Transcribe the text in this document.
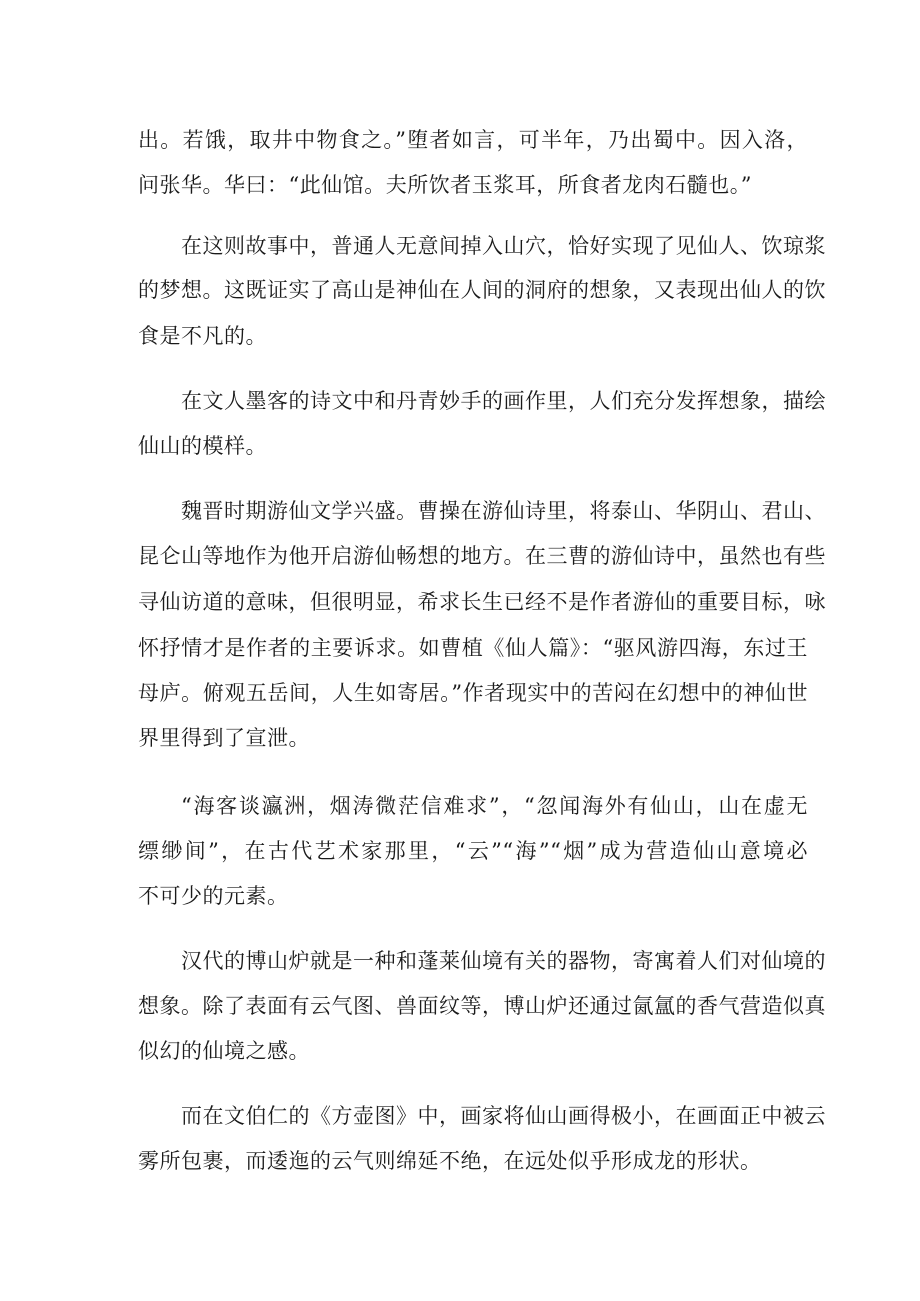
出。若饿，取井中物食之。”堕者如言，可半年，乃出蜀中。因入洛，
问张华。华曰：“此仙馆。夫所饮者玉浆耳，所食者龙肉石髓也。”
在这则故事中，普通人无意间掉入山穴，恰好实现了见仙人、饮琼浆
的梦想。这既证实了高山是神仙在人间的洞府的想象，又表现出仙人的饮
食是不凡的。
在文人墨客的诗文中和丹青妙手的画作里，人们充分发挥想象，描绘
仙山的模样。
魏晋时期游仙文学兴盛。曹操在游仙诗里，将泰山、华阴山、君山、
昆仑山等地作为他开启游仙畅想的地方。在三曹的游仙诗中，虽然也有些
寻仙访道的意味，但很明显，希求长生已经不是作者游仙的重要目标，咏
怀抒情才是作者的主要诉求。如曹植《仙人篇》：“驱风游四海，东过王
母庐。俯观五岳间，人生如寄居。”作者现实中的苦闷在幻想中的神仙世
界里得到了宣泄。
“海客谈瀛洲，烟涛微茫信难求”，“忽闻海外有仙山，山在虚无
缥缈间”，在古代艺术家那里，“云”“海”“烟”成为营造仙山意境必
不可少的元素。
汉代的博山炉就是一种和蓬莱仙境有关的器物，寄寓着人们对仙境的
想象。除了表面有云气图、兽面纹等，博山炉还通过氤氲的香气营造似真
似幻的仙境之感。
而在文伯仁的《方壶图》中，画家将仙山画得极小，在画面正中被云
雾所包裹，而逶迤的云气则绵延不绝，在远处似乎形成龙的形状。
